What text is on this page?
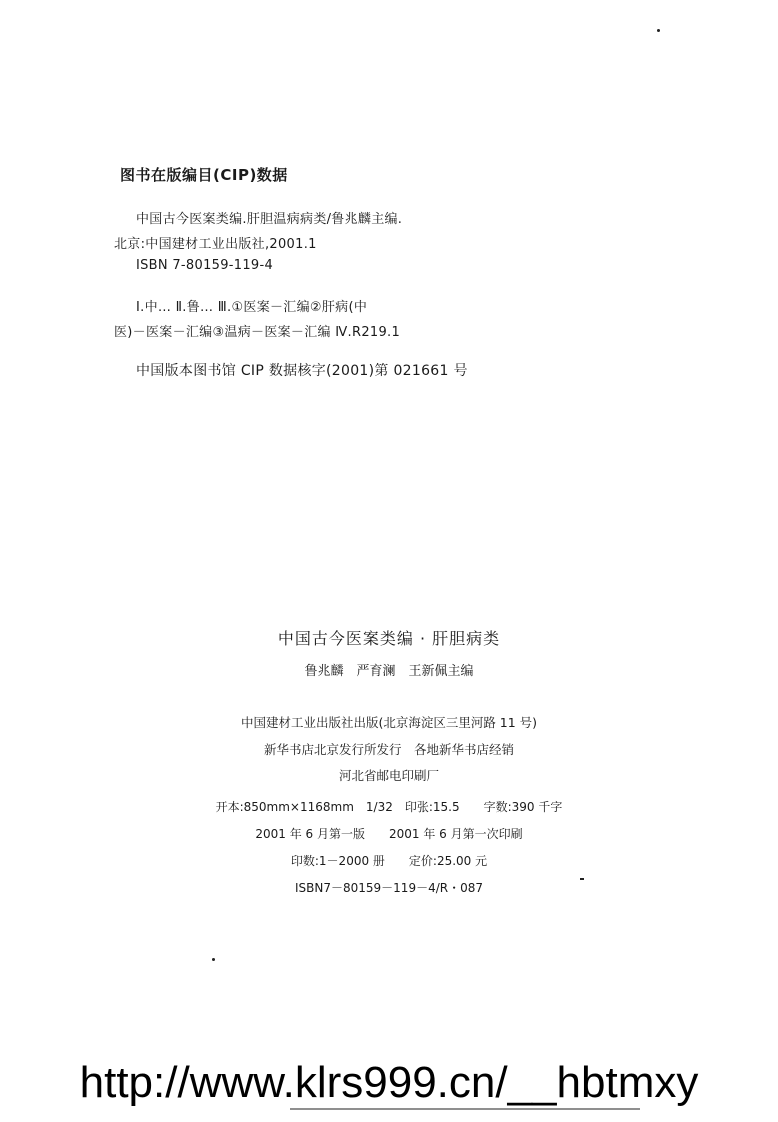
图书在版编目(CIP)数据
中国古今医案类编.肝胆温病病类/鲁兆麟主编.
北京:中国建材工业出版社,2001.1
ISBN 7-80159-119-4
Ⅰ.中… Ⅱ.鲁… Ⅲ.①医案－汇编②肝病(中
医)－医案－汇编③温病－医案－汇编 Ⅳ.R219.1
中国版本图书馆 CIP 数据核字(2001)第 021661 号
中国古今医案类编 · 肝胆病类
鲁兆麟　严育澜　王新佩主编
中国建材工业出版社出版(北京海淀区三里河路 11 号)
新华书店北京发行所发行　各地新华书店经销
河北省邮电印刷厂
开本:850mm×1168mm　1/32　印张:15.5　　字数:390 千字
2001 年 6 月第一版　　2001 年 6 月第一次印刷
印数:1－2000 册　　定价:25.00 元
ISBN7－80159－119－4/R・087
http://www.klrs999.cn/__hbtmxy
